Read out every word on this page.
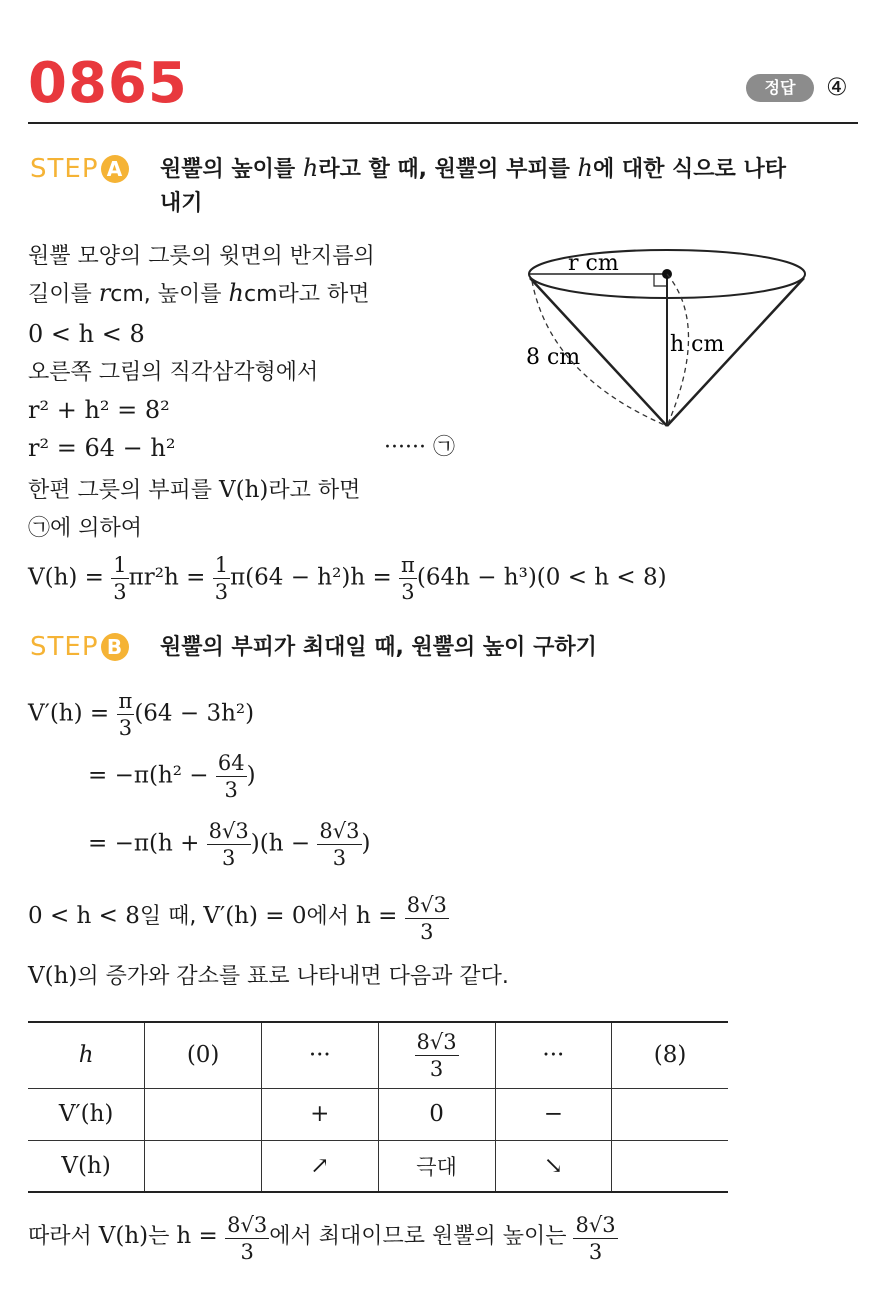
0865	정답	④
STEP A 원뿔의 높이를 h라고 할 때, 원뿔의 부피를 h에 대한 식으로 나타
내기
r cm
h cm
8 cm
원뿔 모양의 그릇의 윗면의 반지름의
길이를 rcm, 높이를 hcm라고 하면
0 < h < 8
오른쪽 그림의 직각삼각형에서
r² + h² = 8²
r² = 64 − h²	······ ㉠
한편 그릇의 부피를 V(h)라고 하면
㉠에 의하여
$V(h) = \frac{1}{3} \pi r^2h = \frac{1}{3} \pi(64 - h^2)h = \frac{\pi}{3} (64h - h^3)(0 < h < 8)$
STEP B 원뿔의 부피가 최대일 때, 원뿔의 높이 구하기
$V'(h) = \frac{\pi}{3} (64 - 3h^2)$
= $-\pi(h^2 - \frac{64}{3}$ )
= $-\pi(h + \frac{8√3}{3} )(h - \frac{8√3}{3}$ )
0 < h < 8일 때, V′(h) = 0에서 $h = \frac{8√3}{3}$
V(h)의 증가와 감소를 표로 나타내면 다음과 같다.
h	(0)	···	$\frac{8√3}{3}$	···	(8)
V′(h)		+	0	−	
V(h)		↗	극대	↘	
따라서 V(h)는 $h = \frac{8√3}{3}$ 에서 최대이므로 원뿔의 높이는 $\frac{8√3}{3}$
